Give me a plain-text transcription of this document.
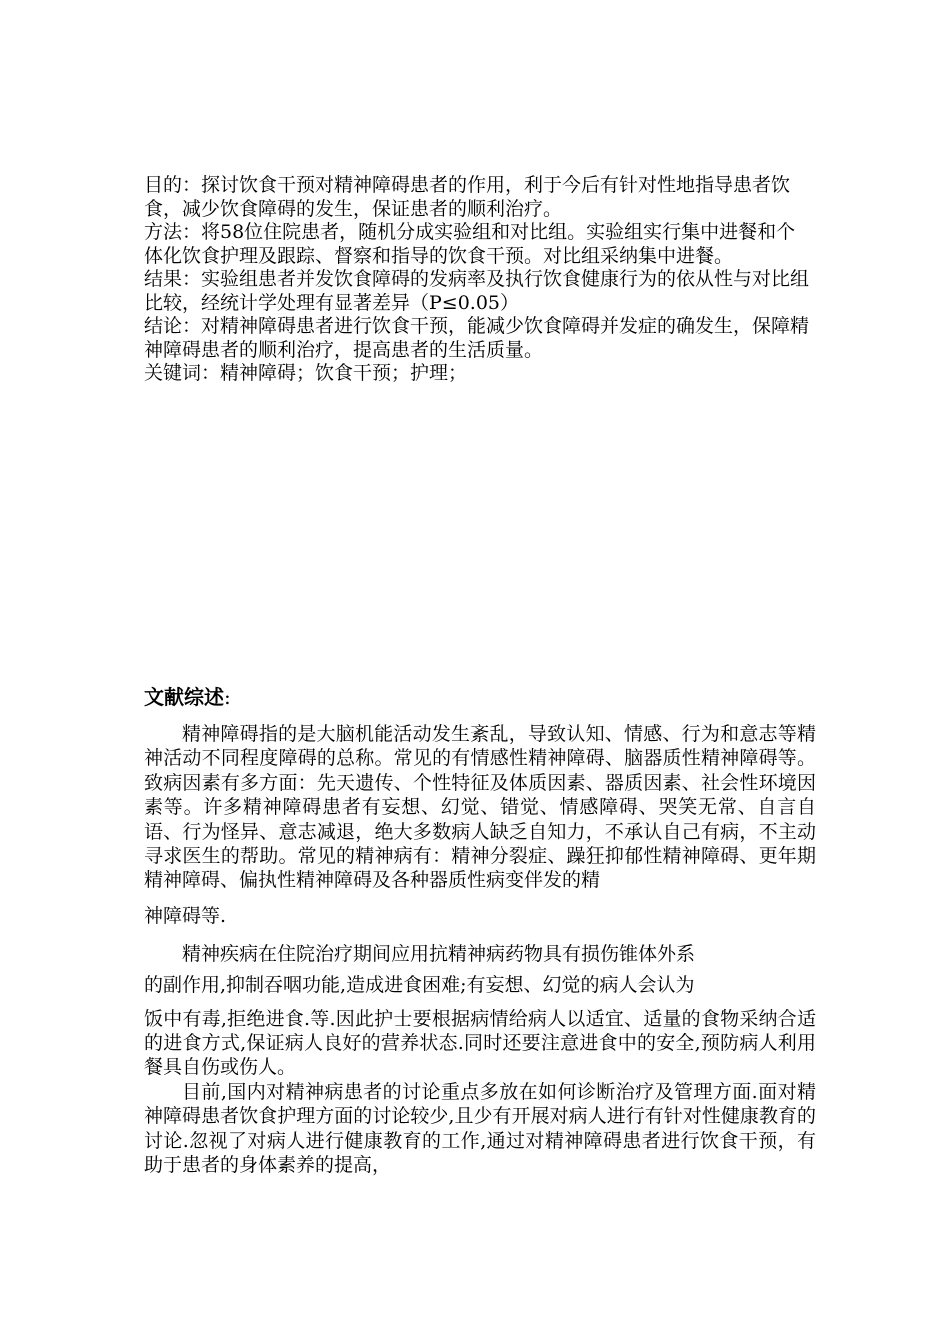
目的：探讨饮食干预对精神障碍患者的作用，利于今后有针对性地指导患者饮食，减少饮食障碍的发生，保证患者的顺利治疗。

方法：将58位住院患者，随机分成实验组和对比组。实验组实行集中进餐和个体化饮食护理及跟踪、督察和指导的饮食干预。对比组采纳集中进餐。

结果：实验组患者并发饮食障碍的发病率及执行饮食健康行为的依从性与对比组比较，经统计学处理有显著差异（P≤0.05）

结论：对精神障碍患者进行饮食干预，能减少饮食障碍并发症的确发生，保障精神障碍患者的顺利治疗，提高患者的生活质量。

关键词：精神障碍；饮食干预；护理；

文献综述:

精神障碍指的是大脑机能活动发生紊乱，导致认知、情感、行为和意志等精神活动不同程度障碍的总称。常见的有情感性精神障碍、脑器质性精神障碍等。致病因素有多方面：先天遗传、个性特征及体质因素、器质因素、社会性环境因素等。许多精神障碍患者有妄想、幻觉、错觉、情感障碍、哭笑无常、自言自语、行为怪异、意志减退，绝大多数病人缺乏自知力，不承认自己有病，不主动寻求医生的帮助。常见的精神病有：精神分裂症、躁狂抑郁性精神障碍、更年期精神障碍、偏执性精神障碍及各种器质性病变伴发的精

神障碍等.

精神疾病在住院治疗期间应用抗精神病药物具有损伤锥体外系

的副作用,抑制吞咽功能,造成进食困难;有妄想、幻觉的病人会认为

饭中有毒,拒绝进食.等.因此护士要根据病情给病人以适宜、适量的食物采纳合适的进食方式,保证病人良好的营养状态.同时还要注意进食中的安全,预防病人利用餐具自伤或伤人。

目前,国内对精神病患者的讨论重点多放在如何诊断治疗及管理方面.面对精神障碍患者饮食护理方面的讨论较少,且少有开展对病人进行有针对性健康教育的讨论.忽视了对病人进行健康教育的工作,通过对精神障碍患者进行饮食干预，有助于患者的身体素养的提高，
